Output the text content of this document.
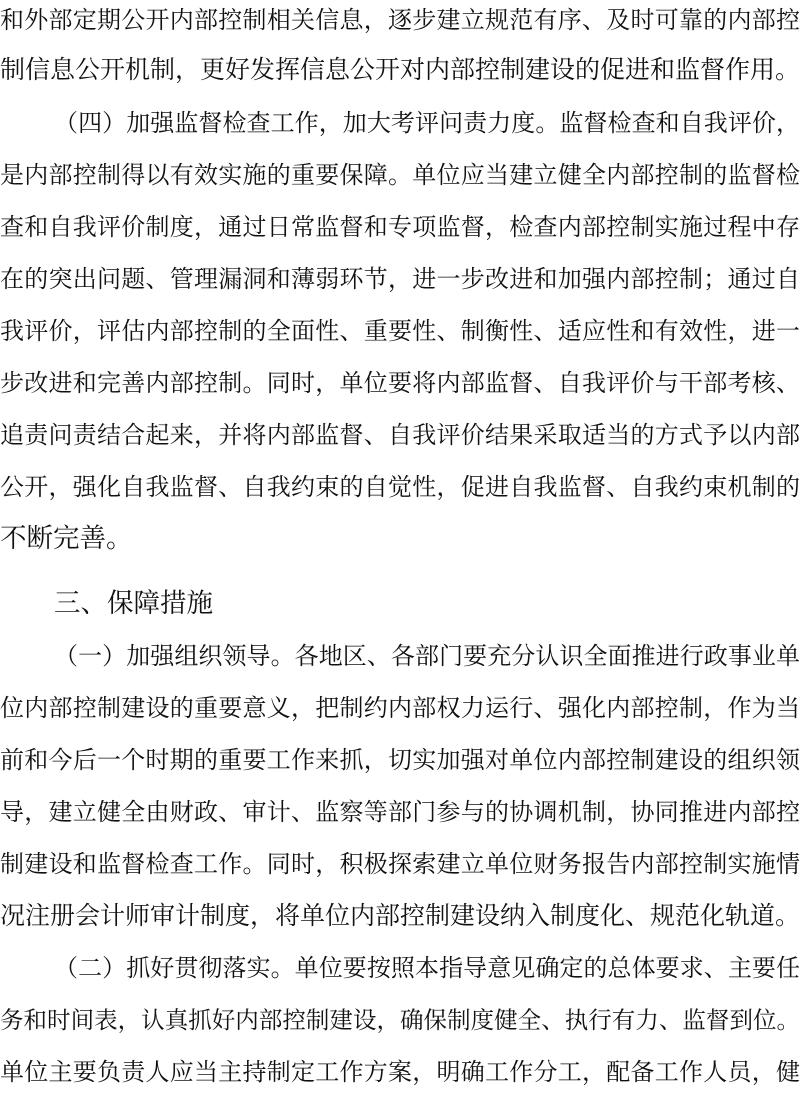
和外部定期公开内部控制相关信息，逐步建立规范有序、及时可靠的内部控
制信息公开机制，更好发挥信息公开对内部控制建设的促进和监督作用。
（四）加强监督检查工作，加大考评问责力度。监督检查和自我评价，
是内部控制得以有效实施的重要保障。单位应当建立健全内部控制的监督检
查和自我评价制度，通过日常监督和专项监督，检查内部控制实施过程中存
在的突出问题、管理漏洞和薄弱环节，进一步改进和加强内部控制；通过自
我评价，评估内部控制的全面性、重要性、制衡性、适应性和有效性，进一
步改进和完善内部控制。同时，单位要将内部监督、自我评价与干部考核、
追责问责结合起来，并将内部监督、自我评价结果采取适当的方式予以内部
公开，强化自我监督、自我约束的自觉性，促进自我监督、自我约束机制的
不断完善。
三、保障措施
（一）加强组织领导。各地区、各部门要充分认识全面推进行政事业单
位内部控制建设的重要意义，把制约内部权力运行、强化内部控制，作为当
前和今后一个时期的重要工作来抓，切实加强对单位内部控制建设的组织领
导，建立健全由财政、审计、监察等部门参与的协调机制，协同推进内部控
制建设和监督检查工作。同时，积极探索建立单位财务报告内部控制实施情
况注册会计师审计制度，将单位内部控制建设纳入制度化、规范化轨道。
（二）抓好贯彻落实。单位要按照本指导意见确定的总体要求、主要任
务和时间表，认真抓好内部控制建设，确保制度健全、执行有力、监督到位。
单位主要负责人应当主持制定工作方案，明确工作分工，配备工作人员，健
